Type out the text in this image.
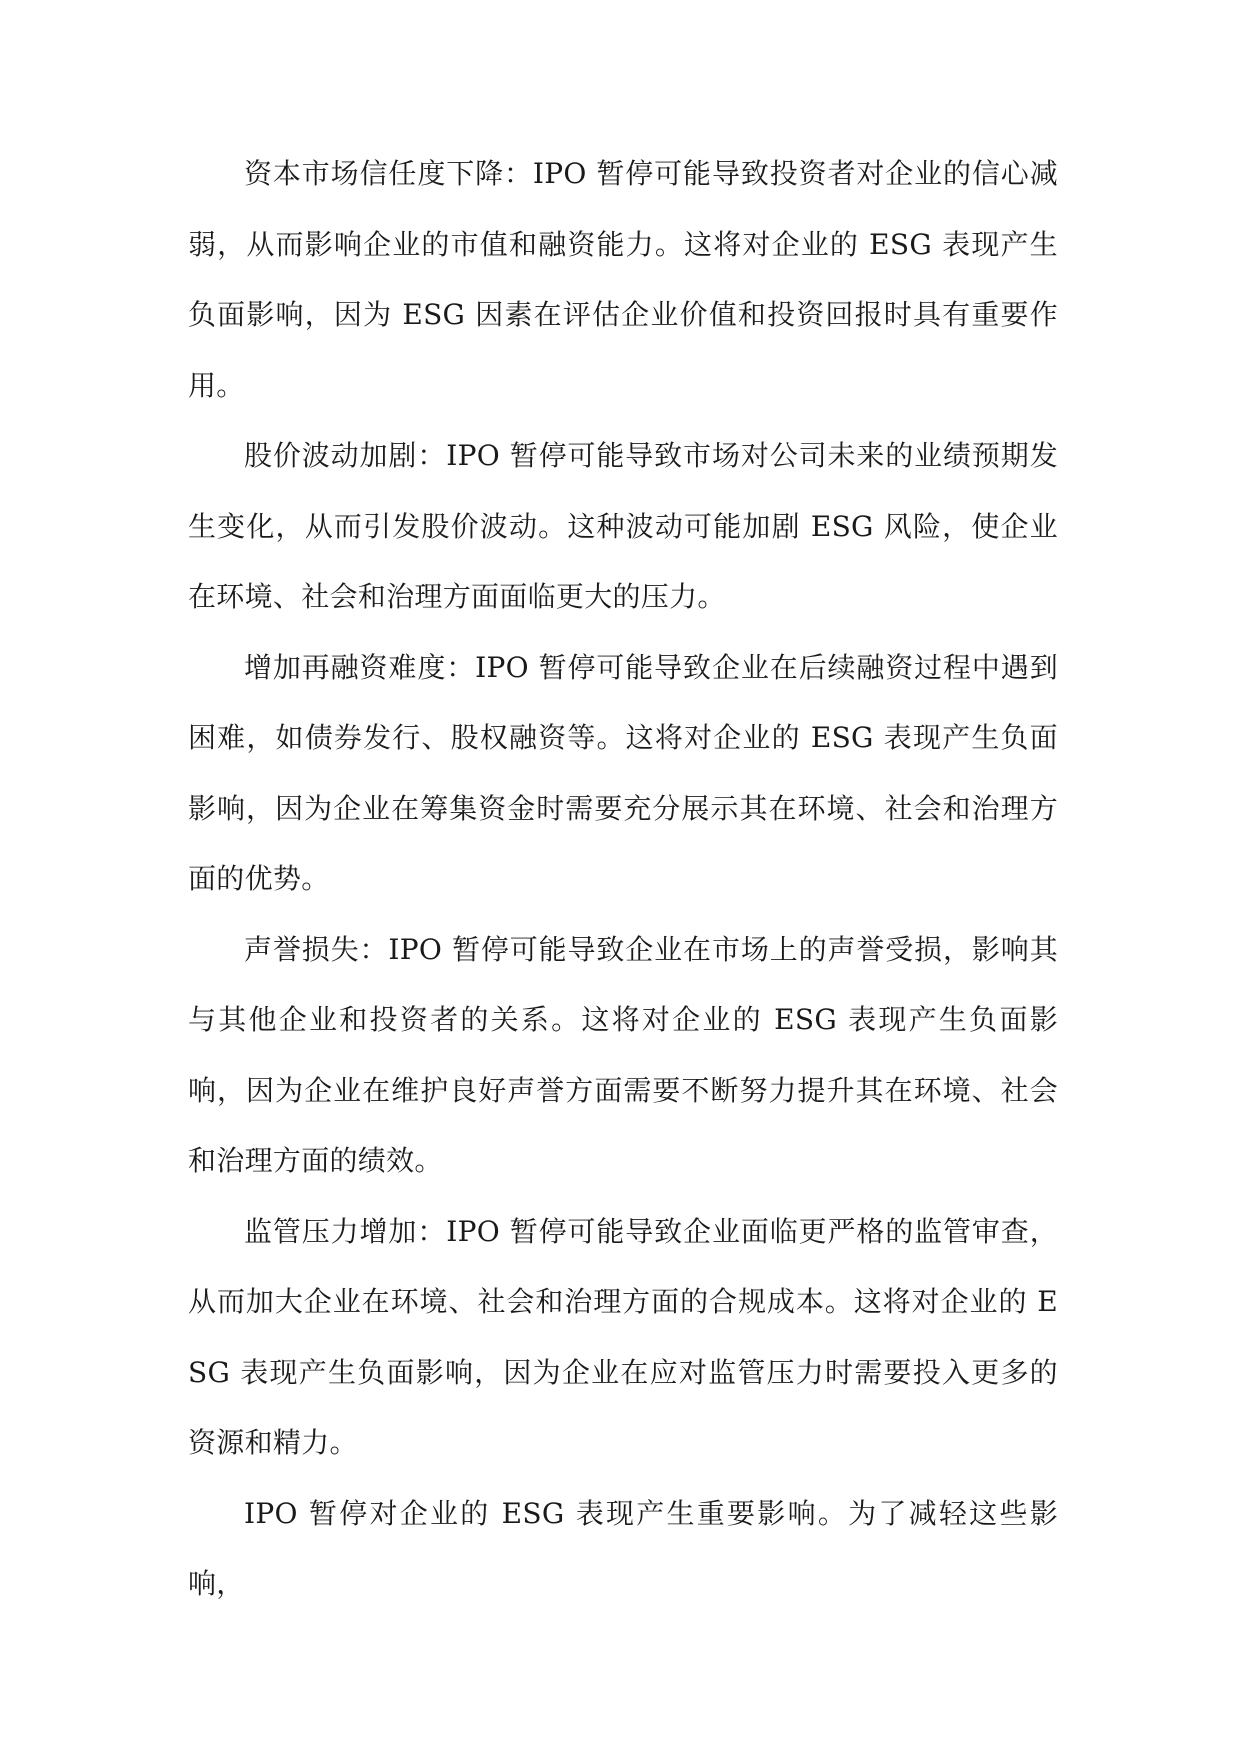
资本市场信任度下降：IPO 暂停可能导致投资者对企业的信心减弱，从而影响企业的市值和融资能力。这将对企业的 ESG 表现产生负面影响，因为 ESG 因素在评估企业价值和投资回报时具有重要作用。

股价波动加剧：IPO 暂停可能导致市场对公司未来的业绩预期发生变化，从而引发股价波动。这种波动可能加剧 ESG 风险，使企业在环境、社会和治理方面面临更大的压力。

增加再融资难度：IPO 暂停可能导致企业在后续融资过程中遇到困难，如债券发行、股权融资等。这将对企业的 ESG 表现产生负面影响，因为企业在筹集资金时需要充分展示其在环境、社会和治理方面的优势。

声誉损失：IPO 暂停可能导致企业在市场上的声誉受损，影响其与其他企业和投资者的关系。这将对企业的 ESG 表现产生负面影响，因为企业在维护良好声誉方面需要不断努力提升其在环境、社会和治理方面的绩效。

监管压力增加：IPO 暂停可能导致企业面临更严格的监管审查，从而加大企业在环境、社会和治理方面的合规成本。这将对企业的 ESG 表现产生负面影响，因为企业在应对监管压力时需要投入更多的资源和精力。

IPO 暂停对企业的 ESG 表现产生重要影响。为了减轻这些影响，
